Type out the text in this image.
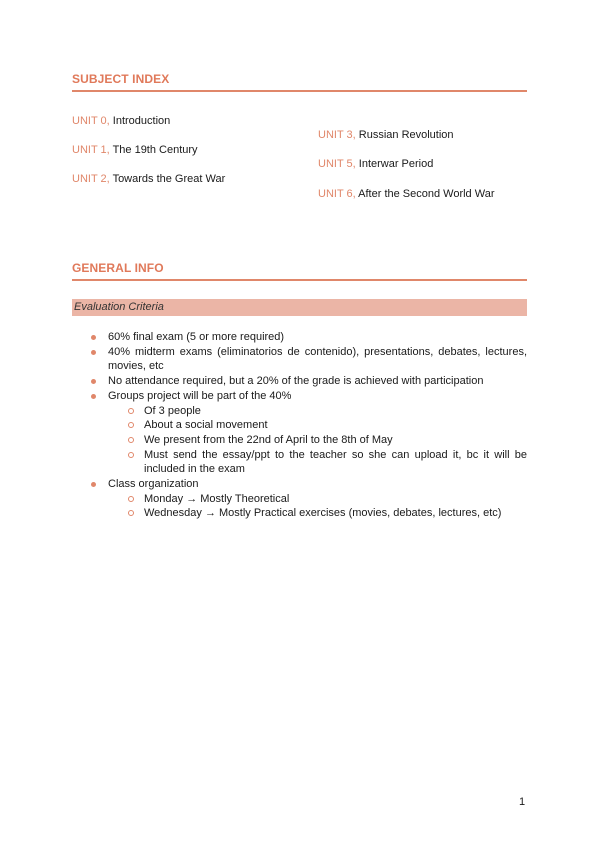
SUBJECT INDEX
UNIT 0, Introduction
UNIT 1, The 19th Century
UNIT 2, Towards the Great War
UNIT 3, Russian Revolution
UNIT 5, Interwar Period
UNIT 6, After the Second World War
GENERAL INFO
Evaluation Criteria
60% final exam (5 or more required)
40% midterm exams (eliminatorios de contenido), presentations, debates, lectures, movies, etc
No attendance required, but a 20% of the grade is achieved with participation
Groups project will be part of the 40%
Of 3 people
About a social movement
We present from the 22nd of April to the 8th of May
Must send the essay/ppt to the teacher so she can upload it, bc it will be included in the exam
Class organization
Monday → Mostly Theoretical
Wednesday → Mostly Practical exercises (movies, debates, lectures, etc)
1
